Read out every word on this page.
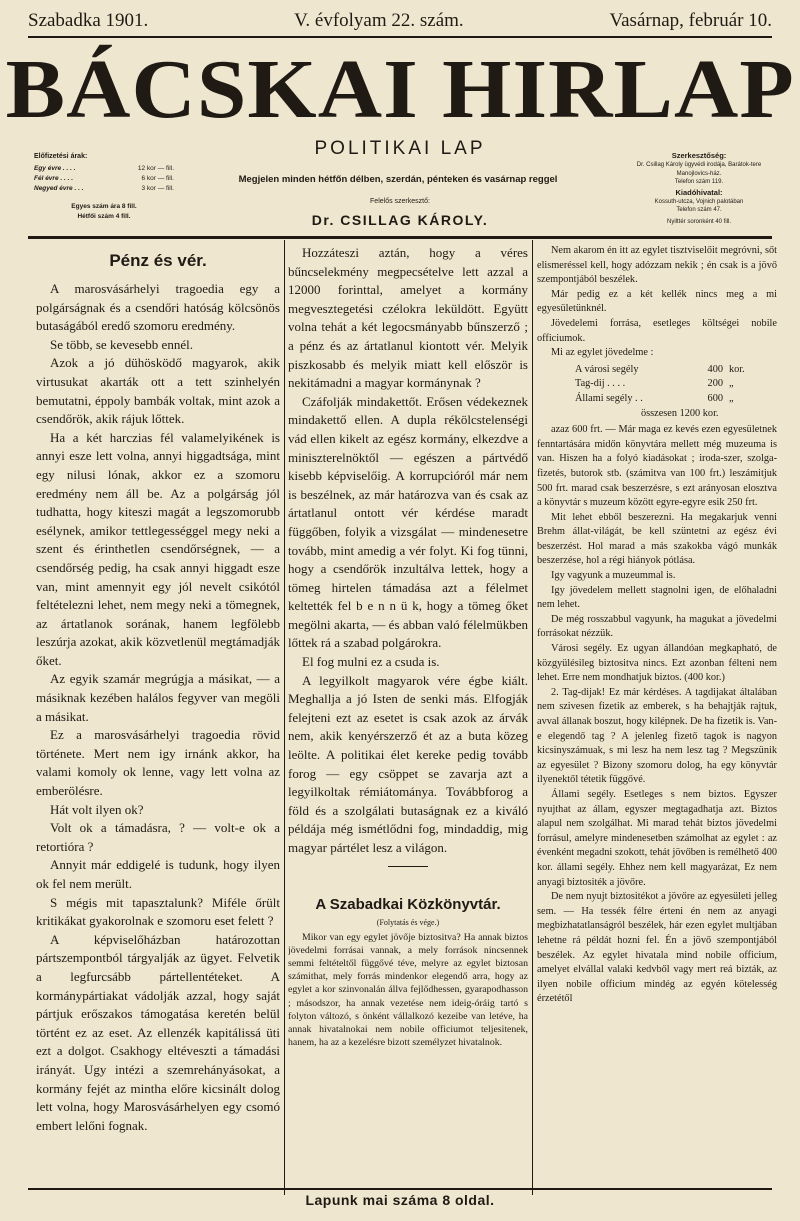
Szabadka 1901.	V. évfolyam 22. szám.	Vasárnap, február 10.
BÁCSKAI HIRLAP
POLITIKAI LAP
Előfizetési árak:
Egy évre . . . .	12 kor — fill.
Fél évre . . . .	6 kor — fill.
Negyed évre . . .	3 kor — fill.
Egyes szám ára 8 fill.
Hétfői szám 4 fill.
Megjelen minden hétfőn délben, szerdán, pénteken és vasárnap reggel
Felelős szerkesztő:
Dr. CSILLAG KÁROLY.
Szerkesztőség:
Dr. Csillag Károly ügyvédi irodája, Barátok-tere Manojlovics-ház.
Telefon szám 119.
Kiadóhivatal:
Kossuth-utcza, Vojnich palotában
Telefon szám 47.
Nyilttér soronként 40 fill.
Pénz és vér.

A marosvásárhelyi tragoedia egy a polgárságnak és a csendőri hatóság kölcsönös butaságából eredő szomoru eredmény.

Se több, se kevesebb ennél.

Azok a jó dühösködő magyarok, akik virtusukat akarták ott a tett szinhelyén bemutatni, éppoly bambák voltak, mint azok a csendőrök, akik rájuk lőttek.

Ha a két harczias fél valamelyikének is annyi esze lett volna, annyi higgadtsága, mint egy nilusi lónak, akkor ez a szomoru eredmény nem áll be. Az a polgárság jól tudhatta, hogy kiteszi magát a legszomorubb esélynek, amikor tettlegességgel megy neki a szent és érinthetlen csendőrségnek, — a csendőrség pedig, ha csak annyi higgadt esze van, mint amennyit egy jól nevelt csikótól feltételezni lehet, nem megy neki a tömegnek, az ártatlanok sorának, hanem legfölebb leszúrja azokat, akik közvetlenül megtámadják őket.

Az egyik szamár megrúgja a másikat, — a másiknak kezében halálos fegyver van megöli a másikat.

Ez a marosvásárhelyi tragoedia rövid története. Mert nem igy irnánk akkor, ha valami komoly ok lenne, vagy lett volna az emberölésre.

Hát volt ilyen ok?

Volt ok a támadásra, ? — volt-e ok a retortióra ?

Annyit már eddigelé is tudunk, hogy ilyen ok fel nem merült.

S mégis mit tapasztalunk? Miféle őrült kritikákat gyakorolnak e szomoru eset felett ?

A képviselőházban határozottan pártszempontból tárgyalják az ügyet. Felvetik a legfurcsább pártellentéteket. A kormánypártiakat vádolják azzal, hogy saját pártjuk erőszakos támogatása keretén belül történt ez az eset. Az ellenzék kapitálissá üti ezt a dolgot. Csakhogy eltéveszti a támadási irányát. Ugy intézi a szemrehányásokat, a kormány fejét az mintha előre kicsinált dolog lett volna, hogy Marosvásárhelyen egy csomó embert lelőni fognak.

Hozzáteszi aztán, hogy a véres bűncselekmény megpecsételve lett azzal a 12000 forinttal, amelyet a kormány megvesztegetési czélokra leküldött. Együtt volna tehát a két legocsmányabb bűnszerző ; a pénz és az ártatlanul kiontott vér. Melyik piszkosabb és melyik miatt kell először is nekitámadni a magyar kormánynak ?

Czáfolják mindakettőt. Erősen védekeznek mindakettő ellen. A dupla rékölcstelenségi vád ellen kikelt az egész kormány, elkezdve a miniszterelnöktől — egészen a pártvédő kisebb képviselőig. A korrupcióról már nem is beszélnek, az már határozva van és csak az ártatlanul ontott vér kérdése maradt függőben, folyik a vizsgálat — mindenesetre tovább, mint amedig a vér folyt. Ki fog tünni, hogy a csendőrök inzultálva lettek, hogy a tömeg hirtelen támadása azt a félelmet keltették fel b e n n ü k, hogy a tömeg őket megölni akarta, — és abban való félelmükben lőttek rá a szabad polgárokra.

El fog mulni ez a csuda is.

A legyilkolt magyarok vére égbe kiált. Meghallja a jó Isten de senki más. Elfogják felejteni ezt az esetet is csak azok az árvák nem, akik kenyérszerző ét az a buta közeg leölte. A politikai élet kereke pedig tovább forog — egy csöppet se zavarja azt a legyilkoltak rémiátománya. Továbbforog a föld és a szolgálati butaságnak ez a kiváló példája még ismétlődni fog, mindaddig, mig magyar pártélet lesz a világon.

A Szabadkai Közkönyvtár.
(Folytatás és vége.)

Mikor van egy egylet jövője biztositva? Ha annak biztos jövedelmi forrásai vannak, a mely források nincsennek semmi feltételtől függővé téve, melyre az egylet biztosan számithat, mely forrás mindenkor elegendő arra, hogy az egylet a kor szinvonalán állva fejlődhessen, gyarapodhasson ; másodszor, ha annak vezetése nem ideig-óráig tartó s folyton változó, s önként vállalkozó kezeibe van letéve, ha annak hivatalnokai nem nobile officiumot teljesitenek, hanem, ha az a kezelésre bizott személyzet hivatalnok.

Nem akarom én itt az egylet tisztviselőit megróvni, sőt elismeréssel kell, hogy adózzam nekik ; én csak is a jövő szempontjából beszélek.

Már pedig ez a két kellék nincs meg a mi egyesületünknél.

Jövedelemi forrása, esetleges költségei nobile officiumok.

Mi az egylet jövedelme :

A városi segély	400 kor.
Tag-dij . . . .	200 „
Állami segély . .	600 „
összesen 1200 kor.

azaz 600 frt. — Már maga ez kevés ezen egyesületnek fenntartására midőn könyvtára mellett még muzeuma is van. Hiszen ha a folyó kiadásokat ; iroda-szer, szolga-fizetés, butorok stb. (számitva van 100 frt.) leszámitjuk 500 frt. marad csak beszerzésre, s ezt arányosan elosztva a könyvtár s muzeum között egyre-egyre esik 250 frt.

Mit lehet ebből beszerezni. Ha megakarjuk venni Brehm állat-világát, be kell szüntetni az egész évi beszerzést. Hol marad a más szakokba vágó munkák beszerzése, hol a régi hiányok pótlása.

Igy vagyunk a muzeummal is.

Igy jövedelem mellett stagnolni igen, de előhaladni nem lehet.

De még rosszabbul vagyunk, ha magukat a jövedelmi forrásokat nézzük.

Városi segély. Ez ugyan állandóan megkapható, de közgyülésileg biztositva nincs. Ezt azonban félteni nem lehet. Erre nem mondhatjuk biztos. (400 kor.)

2. Tag-dijak! Ez már kérdéses. A tagdijakat általában nem szivesen fizetik az emberek, s ha behajtják rajtuk, avval állanak boszut, hogy kilépnek. De ha fizetik is. Van-e elegendő tag ? A jelenleg fizető tagok is nagyon kicsinyszámuak, s mi lesz ha nem lesz tag ? Megszünik az egyesület ? Bizony szomoru dolog, ha egy könyvtár ilyenektől tétetik függővé.

Állami segély. Esetleges s nem biztos. Egyszer nyujthat az állam, egyszer megtagadhatja azt. Biztos alapul nem szolgálhat. Mi marad tehát biztos jövedelmi forrásul, amelyre mindenesetben számolhat az egylet : az évenként megadni szokott, tehát jövőben is remélhető 400 kor. állami segély. Ehhez nem kell magyarázat, Ez nem anyagi biztositék a jövőre.

De nem nyujt biztositékot a jövőre az egyesületi jelleg sem. — Ha tessék félre érteni én nem az anyagi megbizhatatlanságról beszélek, hár ezen egylet multjában lehetne rá példát hozni fel. Én a jövő szempontjából beszélek. Az egylet hivatala mind nobile officium, amelyet elvállal valaki kedvből vagy mert reá bizták, az ilyen nobile officium mindég az egyén kötelesség érzetétől

Lapunk mai száma 8 oldal.
